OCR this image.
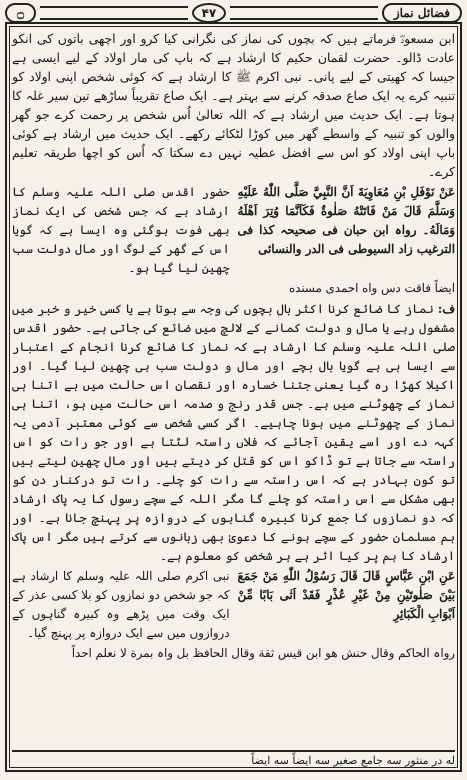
فضائل نماز
۴۷
۝

ابن مسعودؓ فرماتے ہیں کہ بچوں کی نماز کی نگرانی کیا کرو اور اچھی باتوں کی انکو عادت ڈالو۔ حضرت لقمان حکیم کا ارشاد ہے کہ باپ کی مار اولاد کے لیے ایسی ہے جیسا کہ کھیتی کے لیے پانی۔ نبی اکرم ﷺ کا ارشاد ہے کہ کوئی شخص اپنی اولاد کو تنبیہ کرے یہ ایک صاع صدقہ کرنے سے بہتر ہے۔ ایک صاع تقریباً ساڑھے تین سیر غلہ کا ہوتا ہے۔ ایک حدیث میں ارشاد ہے کہ اللہ تعالیٰ اُس شخص پر رحمت کرے جو گھر والوں کو تنبیہ کے واسطے گھر میں کوڑا لٹکائے رکھے۔ ایک حدیث میں ارشاد ہے کوئی باپ اپنی اولاد کو اس سے افضل عطیہ نہیں دے سکتا کہ اُس کو اچھا طریقہ تعلیم کرے۔

عَنْ نَوْفَلِ بْنِ مُعَاوِيَةَ اَنَّ النَّبِيَّ صَلَّى اللّٰهُ عَلَيْهِ وَسَلَّمَ قَالَ مَنْ فَاتَتْهُ صَلٰوةٌ فَكَاَنَّمَا وُتِرَ اَهْلَهُ وَمَالَهُ۔ رواہ ابن حبان فی صحیحہ کذا فی الترغیب زاد السیوطی فی الدر والنسائی
حضور اقدس صلی اللہ علیہ وسلم کا ارشاد ہے کہ جس شخص کی ایک نماز بھی فوت ہوگئی وہ ایسا ہے کہ گویا اس کے گھر کے لوگ اور مال دولت سب چھین لیا گیا ہو۔

ایضاً فاقت دس واه احمدی مسنده

ف: نماز کا ضائع کرنا اکثر بال بچوں کی وجہ سے ہوتا ہے یا کسی خیر و خبر میں مشغول رہے یا مال و دولت کمانے کے لالچ میں ضائع کی جاتی ہے۔ حضور اقدس صلی اللہ علیہ وسلم کا ارشاد ہے کہ نماز کا ضائع کرنا انجام کے اعتبار سے ایسا ہی ہے گویا بال بچے اور مال و دولت سب ہی چھین لیا گیا۔ اور اکیلا کھڑا رہ گیا یعنی جتنا خسارہ اور نقصان اس حالت میں ہے اتنا ہی نماز کے چھوٹنے میں ہے۔ جس قدر رنج و صدمہ اس حالت میں ہو، اتنا ہی نماز کے چھوٹنے میں ہونا چاہیے۔ اگر کسی شخص سے کوئی معتبر آدمی یہ کہہ دے اور اسے یقین آجائے کہ فلاں راستہ لٹتا ہے اور جو رات کو اس راستہ سے جاتا ہے تو ڈاکو اس کو قتل کر دیتے ہیں اور مال چھین لیتے ہیں تو کون بہادر ہے کہ اس راستہ سے رات کو چلے۔ رات تو درکنار دن کو بھی مشکل سے اس راستہ کو چلے گا مگر اللہ کے سچے رسول کا یہ پاک ارشاد کہ دو نمازوں کا جمع کرنا کبیرہ گناہوں کے دروازہ پر پہنچ جانا ہے۔ اور ہم مسلمان حضور کے سچے ہونے کا دعویٰ بھی زبانوں سے کرتے ہیں مگر اس پاک ارشاد کا ہم پر کیا اثر ہے ہر شخص کو معلوم ہے۔

عَنِ ابْنِ عَبَّاسٍ قَالَ قَالَ رَسُوْلُ اللّٰهِ مَنْ جَمَعَ بَيْنَ صَلٰوتَيْنِ مِنْ غَيْرِ عُذْرٍ فَقَدْ اَتٰى بَابًا مِّنْ اَبْوَابِ الْكَبَائِرِ
نبی اکرم صلی اللہ علیہ وسلم کا ارشاد ہے کہ جو شخص دو نمازوں کو بلا کسی عذر کے ایک وقت میں پڑھے وہ کبیرہ گناہوں کے دروازوں میں سے ایک دروازہ پر پہنچ گیا۔

رواہ الحاکم وقال حنش هو ابن قیس ثقة وقال الحافظ بل واہ بمرة لا نعلم احداً

له در منثور سه جامع صغیر سه ایضاً سه ایضاً
